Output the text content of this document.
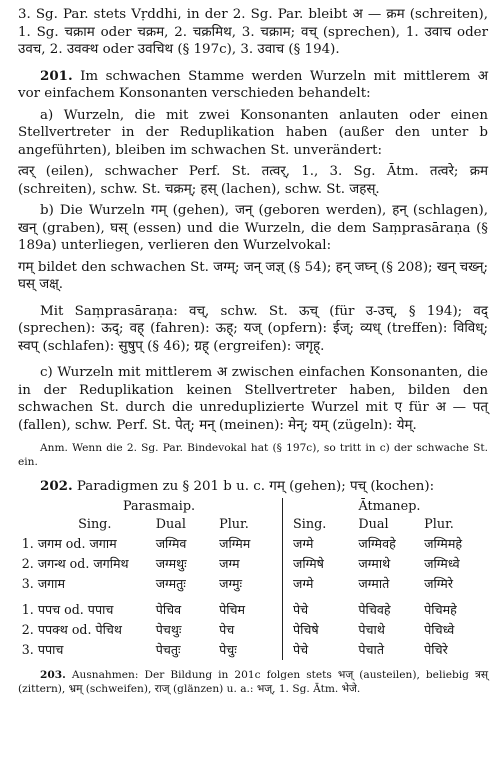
3. Sg. Par. stets Vṛddhi, in der 2. Sg. Par. bleibt अ — क्रम (schreiten), 1. Sg. चक्राम oder चक्रम, 2. चक्रमिथ, 3. चक्राम; वच् (sprechen), 1. उवाच oder उवच, 2. उवक्थ oder उवचिथ (§ 197c), 3. उवाच (§ 194).

201. Im schwachen Stamme werden Wurzeln mit mittlerem अ vor einfachem Konsonanten verschieden behandelt:

a) Wurzeln, die mit zwei Konsonanten anlauten oder einen Stellvertreter in der Reduplikation haben (außer den unter b angeführten), bleiben im schwachen St. unverändert:

त्वर् (eilen), schwacher Perf. St. तत्वर्, 1., 3. Sg. Ātm. तत्वरे; क्रम (schreiten), schw. St. चक्रम्; हस् (lachen), schw. St. जहस्.

b) Die Wurzeln गम् (gehen), जन् (geboren werden), हन् (schlagen), खन् (graben), घस् (essen) und die Wurzeln, die dem Saṃprasāraṇa (§ 189a) unterliegen, verlieren den Wurzelvokal:

गम् bildet den schwachen St. जग्म्; जन् जज्ञ् (§ 54); हन् जघ्न् (§ 208); खन् चख्न्; घस् जक्ष्.

Mit Saṃprasāraṇa: वच्, schw. St. ऊच् (für उ-उच्, § 194); वद् (sprechen): ऊद्; वह् (fahren): ऊह्; यज् (opfern): ईज्; व्यध् (treffen): विविध्; स्वप् (schlafen): सुषुप् (§ 46); ग्रह् (ergreifen): जगृह्.

c) Wurzeln mit mittlerem अ zwischen einfachen Konsonanten, die in der Reduplikation keinen Stellvertreter haben, bilden den schwachen St. durch die unreduplizierte Wurzel mit ए für अ — पत् (fallen), schw. Perf. St. पेत्; मन् (meinen): मेन्; यम् (zügeln): येम्.

Anm. Wenn die 2. Sg. Par. Bindevokal hat (§ 197c), so tritt in c) der schwache St. ein.

202. Paradigmen zu § 201 b u. c. गम् (gehen); पच् (kochen):

	Parasmaip.				Ātmanep.		
	Sing.	Dual	Plur.		Sing.	Dual	Plur.
1.	जगम od. जगाम	जग्मिव	जग्मिम		जग्मे	जग्मिवहे	जग्मिमहे
2.	जगन्थ od. जगमिथ	जग्मथुः	जग्म		जग्मिषे	जग्माथे	जग्मिध्वे
3.	जगाम	जग्मतुः	जग्मुः		जग्मे	जग्माते	जग्मिरे

1.	पपच od. पपाच	पेचिव	पेचिम		पेचे	पेचिवहे	पेचिमहे
2.	पपक्थ od. पेचिथ	पेचथुः	पेच		पेचिषे	पेचाथे	पेचिध्वे
3.	पपाच	पेचतुः	पेचुः		पेचे	पेचाते	पेचिरे

203. Ausnahmen: Der Bildung in 201c folgen stets भज् (austeilen), beliebig त्रस् (zittern), भ्रम् (schweifen), राज् (glänzen) u. a.: भज्, 1. Sg. Ātm. भेजे.
